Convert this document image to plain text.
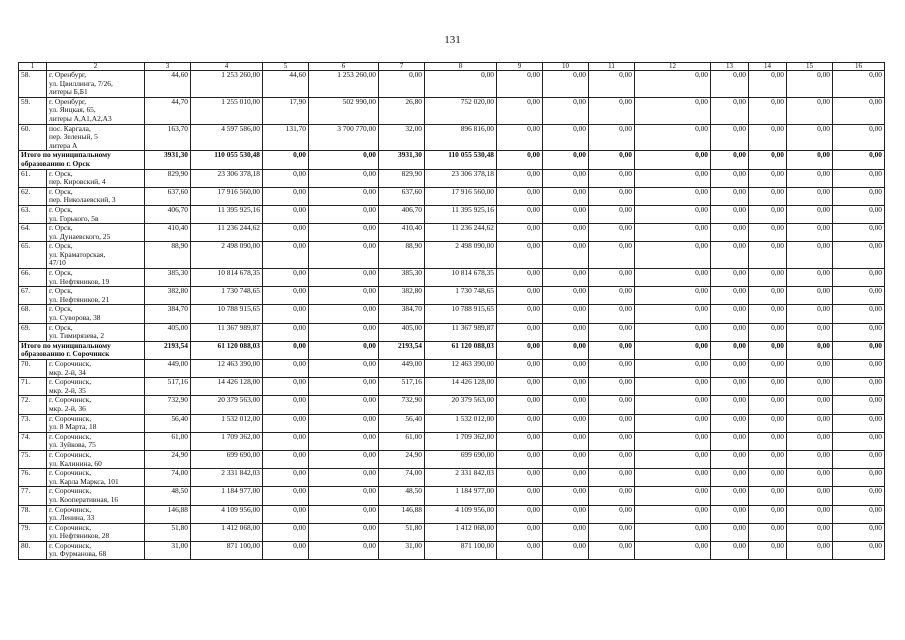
131
1	2	3	4	5	6	7	8	9	10	11	12	13	14	15	16
58.	г. Оренбург,
ул. Цвиллинга, 7/26,
литеры Б,Б1	44,60	1 253 260,00	44,60	1 253 260,00	0,00	0,00	0,00	0,00	0,00	0,00	0,00	0,00	0,00	0,00
59.	г. Оренбург,
ул. Яицкая, 65,
литеры А,А1,А2,А3	44,70	1 255 010,00	17,90	502 990,00	26,80	752 020,00	0,00	0,00	0,00	0,00	0,00	0,00	0,00	0,00
60.	пос. Каргала,
пер. Зеленый, 5
литера А	163,70	4 597 586,00	131,70	3 700 770,00	32,00	896 816,00	0,00	0,00	0,00	0,00	0,00	0,00	0,00	0,00
Итого по муниципальному образованию г. Орск		3931,30	110 055 530,48	0,00	0,00	3931,30	110 055 530,48	0,00	0,00	0,00	0,00	0,00	0,00	0,00	0,00
61.	г. Орск,
пер. Кировский, 4	829,90	23 306 378,18	0,00	0,00	829,90	23 306 378,18	0,00	0,00	0,00	0,00	0,00	0,00	0,00	0,00
62.	г. Орск,
пер. Николаевский, 3	637,60	17 916 560,00	0,00	0,00	637,60	17 916 560,00	0,00	0,00	0,00	0,00	0,00	0,00	0,00	0,00
63.	г. Орск,
ул. Горького, 5в	406,70	11 395 925,16	0,00	0,00	406,70	11 395 925,16	0,00	0,00	0,00	0,00	0,00	0,00	0,00	0,00
64.	г. Орск,
ул. Дунаевского, 25	410,40	11 236 244,62	0,00	0,00	410,40	11 236 244,62	0,00	0,00	0,00	0,00	0,00	0,00	0,00	0,00
65.	г. Орск,
ул. Краматорская,
47/10	88,90	2 498 090,00	0,00	0,00	88,90	2 498 090,00	0,00	0,00	0,00	0,00	0,00	0,00	0,00	0,00
66.	г. Орск,
ул. Нефтяников, 19	385,30	10 814 678,35	0,00	0,00	385,30	10 814 678,35	0,00	0,00	0,00	0,00	0,00	0,00	0,00	0,00
67.	г. Орск,
ул. Нефтяников, 21	382,80	1 730 748,65	0,00	0,00	382,80	1 730 748,65	0,00	0,00	0,00	0,00	0,00	0,00	0,00	0,00
68.	г. Орск,
ул. Суворова, 38	384,70	10 788 915,65	0,00	0,00	384,70	10 788 915,65	0,00	0,00	0,00	0,00	0,00	0,00	0,00	0,00
69.	г. Орск,
ул. Тимирязева, 2	405,00	11 367 989,87	0,00	0,00	405,00	11 367 989,87	0,00	0,00	0,00	0,00	0,00	0,00	0,00	0,00
Итого по муниципальному образованию г. Сорочинск		2193,54	61 120 088,03	0,00	0,00	2193,54	61 120 088,03	0,00	0,00	0,00	0,00	0,00	0,00	0,00	0,00
70.	г. Сорочинск,
мкр. 2-й, 34	449,00	12 463 390,00	0,00	0,00	449,00	12 463 390,00	0,00	0,00	0,00	0,00	0,00	0,00	0,00	0,00
71.	г. Сорочинск,
мкр. 2-й, 35	517,16	14 426 128,00	0,00	0,00	517,16	14 426 128,00	0,00	0,00	0,00	0,00	0,00	0,00	0,00	0,00
72.	г. Сорочинск,
мкр. 2-й, 36	732,90	20 379 563,00	0,00	0,00	732,90	20 379 563,00	0,00	0,00	0,00	0,00	0,00	0,00	0,00	0,00
73.	г. Сорочинск,
ул. 8 Марта, 18	56,40	1 532 012,00	0,00	0,00	56,40	1 532 012,00	0,00	0,00	0,00	0,00	0,00	0,00	0,00	0,00
74.	г. Сорочинск,
ул. Зуйкова, 75	61,00	1 709 362,00	0,00	0,00	61,00	1 709 362,00	0,00	0,00	0,00	0,00	0,00	0,00	0,00	0,00
75.	г. Сорочинск,
ул. Калинина, 60	24,90	699 690,00	0,00	0,00	24,90	699 690,00	0,00	0,00	0,00	0,00	0,00	0,00	0,00	0,00
76.	г. Сорочинск,
ул. Карла Маркса, 101	74,00	2 331 842,03	0,00	0,00	74,00	2 331 842,03	0,00	0,00	0,00	0,00	0,00	0,00	0,00	0,00
77.	г. Сорочинск,
ул. Кооперативная, 16	48,50	1 184 977,00	0,00	0,00	48,50	1 184 977,00	0,00	0,00	0,00	0,00	0,00	0,00	0,00	0,00
78.	г. Сорочинск,
ул. Ленина, 33	146,88	4 109 956,00	0,00	0,00	146,88	4 109 956,00	0,00	0,00	0,00	0,00	0,00	0,00	0,00	0,00
79.	г. Сорочинск,
ул. Нефтяников, 28	51,80	1 412 068,00	0,00	0,00	51,80	1 412 068,00	0,00	0,00	0,00	0,00	0,00	0,00	0,00	0,00
80.	г. Сорочинск,
ул. Фурманова, 68	31,00	871 100,00	0,00	0,00	31,00	871 100,00	0,00	0,00	0,00	0,00	0,00	0,00	0,00	0,00
